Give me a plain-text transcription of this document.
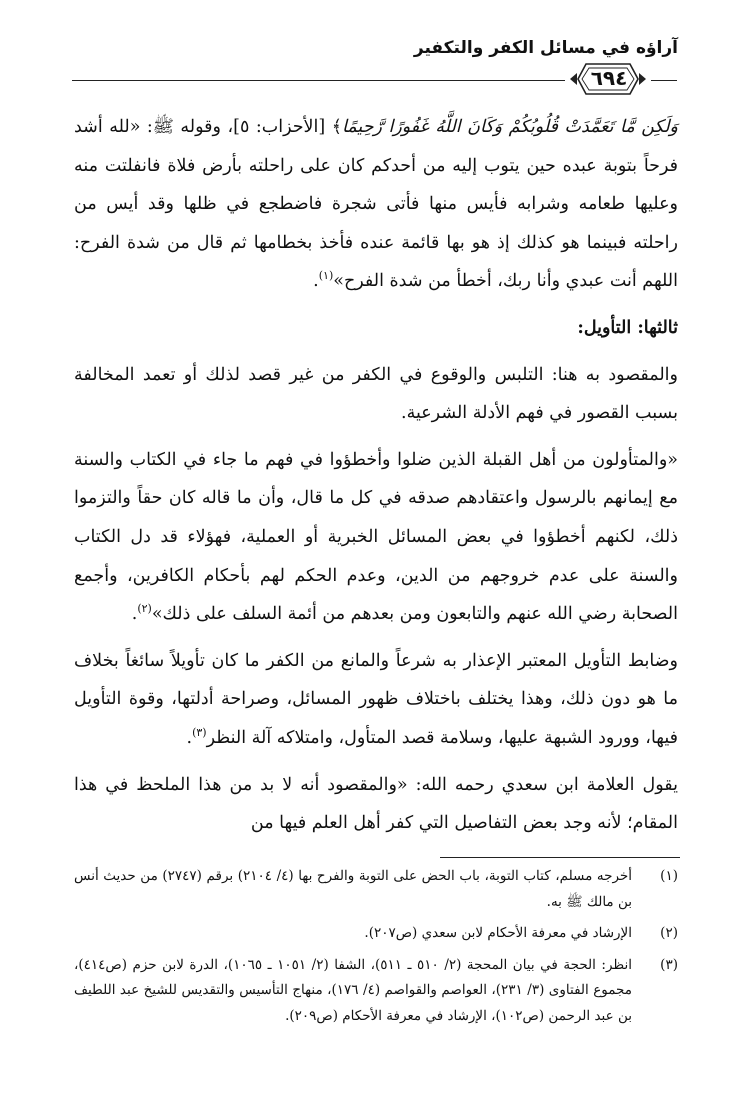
آراؤه في مسائل الكفر والتكفير
٦٩٤

وَلَكِن مَّا تَعَمَّدَتْ قُلُوبُكُمْ وَكَانَ اللَّهُ غَفُورًا رَّحِيمًا﴾ [الأحزاب: ٥]، وقوله ﷺ: «لله أشد فرحاً بتوبة عبده حين يتوب إليه من أحدكم كان على راحلته بأرض فلاة فانفلتت منه وعليها طعامه وشرابه فأيس منها فأتى شجرة فاضطجع في ظلها وقد أيس من راحلته فبينما هو كذلك إذ هو بها قائمة عنده فأخذ بخطامها ثم قال من شدة الفرح: اللهم أنت عبدي وأنا ربك، أخطأ من شدة الفرح»$^{(١)}$.

ثالثها: التأويل:

والمقصود به هنا: التلبس والوقوع في الكفر من غير قصد لذلك أو تعمد المخالفة بسبب القصور في فهم الأدلة الشرعية.

«والمتأولون من أهل القبلة الذين ضلوا وأخطؤوا في فهم ما جاء في الكتاب والسنة مع إيمانهم بالرسول واعتقادهم صدقه في كل ما قال، وأن ما قاله كان حقاً والتزموا ذلك، لكنهم أخطؤوا في بعض المسائل الخبرية أو العملية، فهؤلاء قد دل الكتاب والسنة على عدم خروجهم من الدين، وعدم الحكم لهم بأحكام الكافرين، وأجمع الصحابة رضي الله عنهم والتابعون ومن بعدهم من أئمة السلف على ذلك»$^{(٢)}$.

وضابط التأويل المعتبر الإعذار به شرعاً والمانع من الكفر ما كان تأويلاً سائغاً بخلاف ما هو دون ذلك، وهذا يختلف باختلاف ظهور المسائل، وصراحة أدلتها، وقوة التأويل فيها، وورود الشبهة عليها، وسلامة قصد المتأول، وامتلاكه آلة النظر$^{(٣)}$.

يقول العلامة ابن سعدي رحمه الله: «والمقصود أنه لا بد من هذا الملحظ في هذا المقام؛ لأنه وجد بعض التفاصيل التي كفر أهل العلم فيها من

(١)
أخرجه مسلم، كتاب التوبة، باب الحض على التوبة والفرح بها (٤/ ٢١٠٤) برقم (٢٧٤٧) من حديث أنس بن مالك ﷺ به.
(٢)
الإرشاد في معرفة الأحكام لابن سعدي (ص٢٠٧).
(٣)
انظر: الحجة في بيان المحجة (٢/ ٥١٠ ـ ٥١١)، الشفا (٢/ ١٠٥١ ـ ١٠٦٥)، الدرة لابن حزم (ص٤١٤)، مجموع الفتاوى (٣/ ٢٣١)، العواصم والقواصم (٤/ ١٧٦)، منهاج التأسيس والتقديس للشيخ عبد اللطيف بن عبد الرحمن (ص١٠٢)، الإرشاد في معرفة الأحكام (ص٢٠٩).
